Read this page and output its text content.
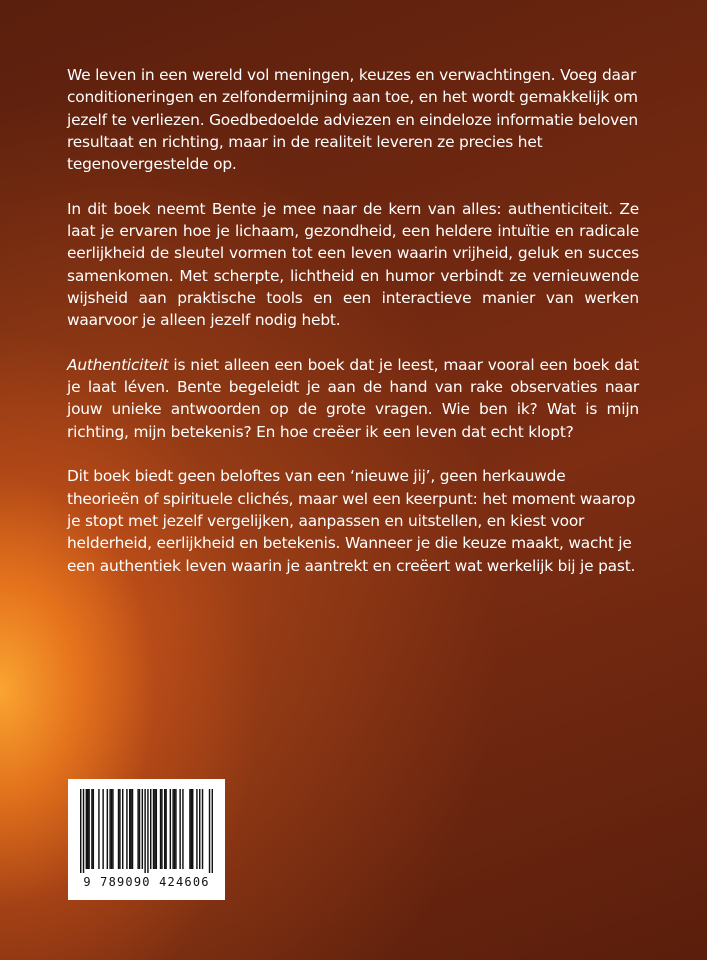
We leven in een wereld vol meningen, keuzes en verwachtingen. Voeg daar conditioneringen en zelfondermijning aan toe, en het wordt gemakkelijk om jezelf te verliezen. Goedbedoelde adviezen en eindeloze informatie beloven resultaat en richting, maar in de realiteit leveren ze precies het tegenovergestelde op.

In dit boek neemt Bente je mee naar de kern van alles: authenticiteit. Ze laat je ervaren hoe je lichaam, gezondheid, een heldere intuïtie en radicale eerlijkheid de sleutel vormen tot een leven waarin vrijheid, geluk en succes samenkomen. Met scherpte, lichtheid en humor verbindt ze vernieuwende wijsheid aan praktische tools en een interactieve manier van werken waarvoor je alleen jezelf nodig hebt.

Authenticiteit is niet alleen een boek dat je leest, maar vooral een boek dat je laat léven. Bente begeleidt je aan de hand van rake observaties naar jouw unieke antwoorden op de grote vragen. Wie ben ik? Wat is mijn richting, mijn betekenis? En hoe creëer ik een leven dat echt klopt?

Dit boek biedt geen beloftes van een ‘nieuwe jij’, geen herkauwde theorieën of spirituele clichés, maar wel een keerpunt: het moment waarop je stopt met jezelf vergelijken, aanpassen en uitstellen, en kiest voor helderheid, eerlijkheid en betekenis. Wanneer je die keuze maakt, wacht je een authentiek leven waarin je aantrekt en creëert wat werkelijk bij je past.

9 789090 424606
